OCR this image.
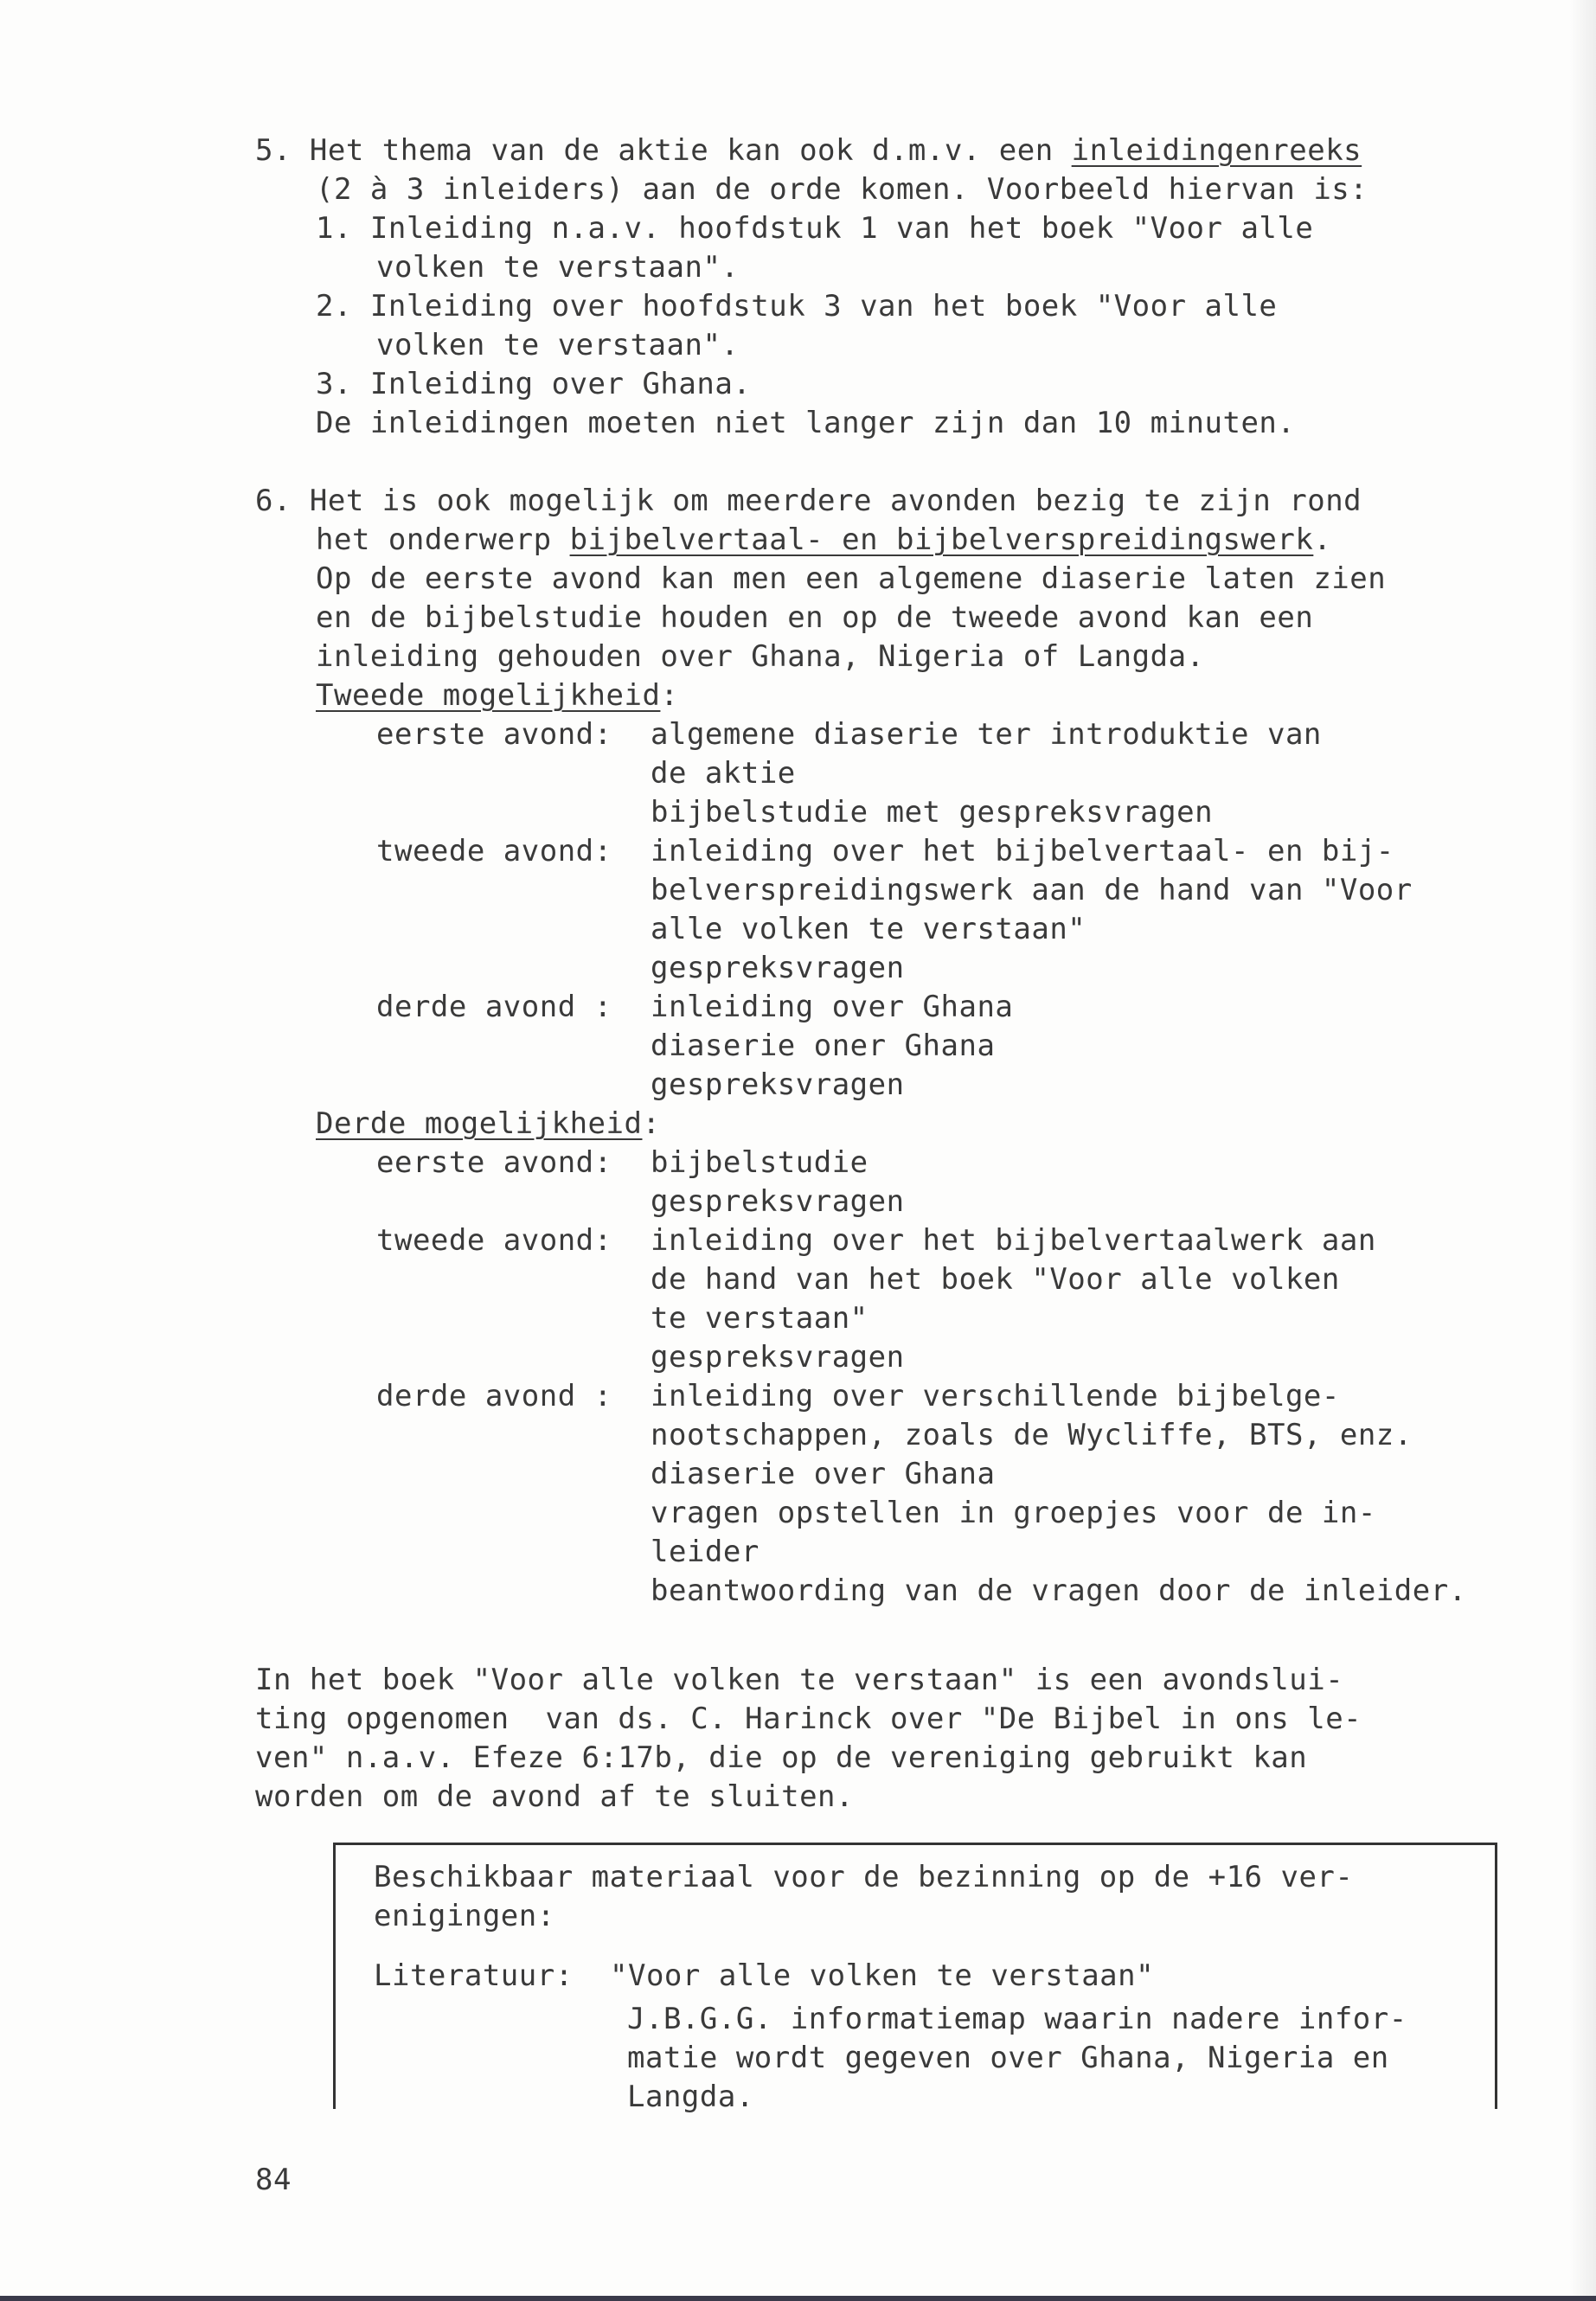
5. Het thema van de aktie kan ook d.m.v. een inleidingenreeks
(2 à 3 inleiders) aan de orde komen. Voorbeeld hiervan is:
1. Inleiding n.a.v. hoofdstuk 1 van het boek "Voor alle
volken te verstaan".
2. Inleiding over hoofdstuk 3 van het boek "Voor alle
volken te verstaan".
3. Inleiding over Ghana.
De inleidingen moeten niet langer zijn dan 10 minuten.
6. Het is ook mogelijk om meerdere avonden bezig te zijn rond
het onderwerp bijbelvertaal- en bijbelverspreidingswerk.
Op de eerste avond kan men een algemene diaserie laten zien
en de bijbelstudie houden en op de tweede avond kan een
inleiding gehouden over Ghana, Nigeria of Langda.
Tweede mogelijkheid:
eerste avond: algemene diaserie ter introduktie van
de aktie
bijbelstudie met gespreksvragen
tweede avond: inleiding over het bijbelvertaal- en bij-
belverspreidingswerk aan de hand van "Voor
alle volken te verstaan"
gespreksvragen
derde avond : inleiding over Ghana
diaserie oner Ghana
gespreksvragen
Derde mogelijkheid:
eerste avond: bijbelstudie
gespreksvragen
tweede avond: inleiding over het bijbelvertaalwerk aan
de hand van het boek "Voor alle volken
te verstaan"
gespreksvragen
derde avond : inleiding over verschillende bijbelge-
nootschappen, zoals de Wycliffe, BTS, enz.
diaserie over Ghana
vragen opstellen in groepjes voor de in-
leider
beantwoording van de vragen door de inleider.
In het boek "Voor alle volken te verstaan" is een avondslui-
ting opgenomen  van ds. C. Harinck over "De Bijbel in ons le-
ven" n.a.v. Efeze 6:17b, die op de vereniging gebruikt kan
worden om de avond af te sluiten.
Beschikbaar materiaal voor de bezinning op de +16 ver-
enigingen:
Literatuur: "Voor alle volken te verstaan"
J.B.G.G. informatiemap waarin nadere infor-
matie wordt gegeven over Ghana, Nigeria en
Langda.
84
